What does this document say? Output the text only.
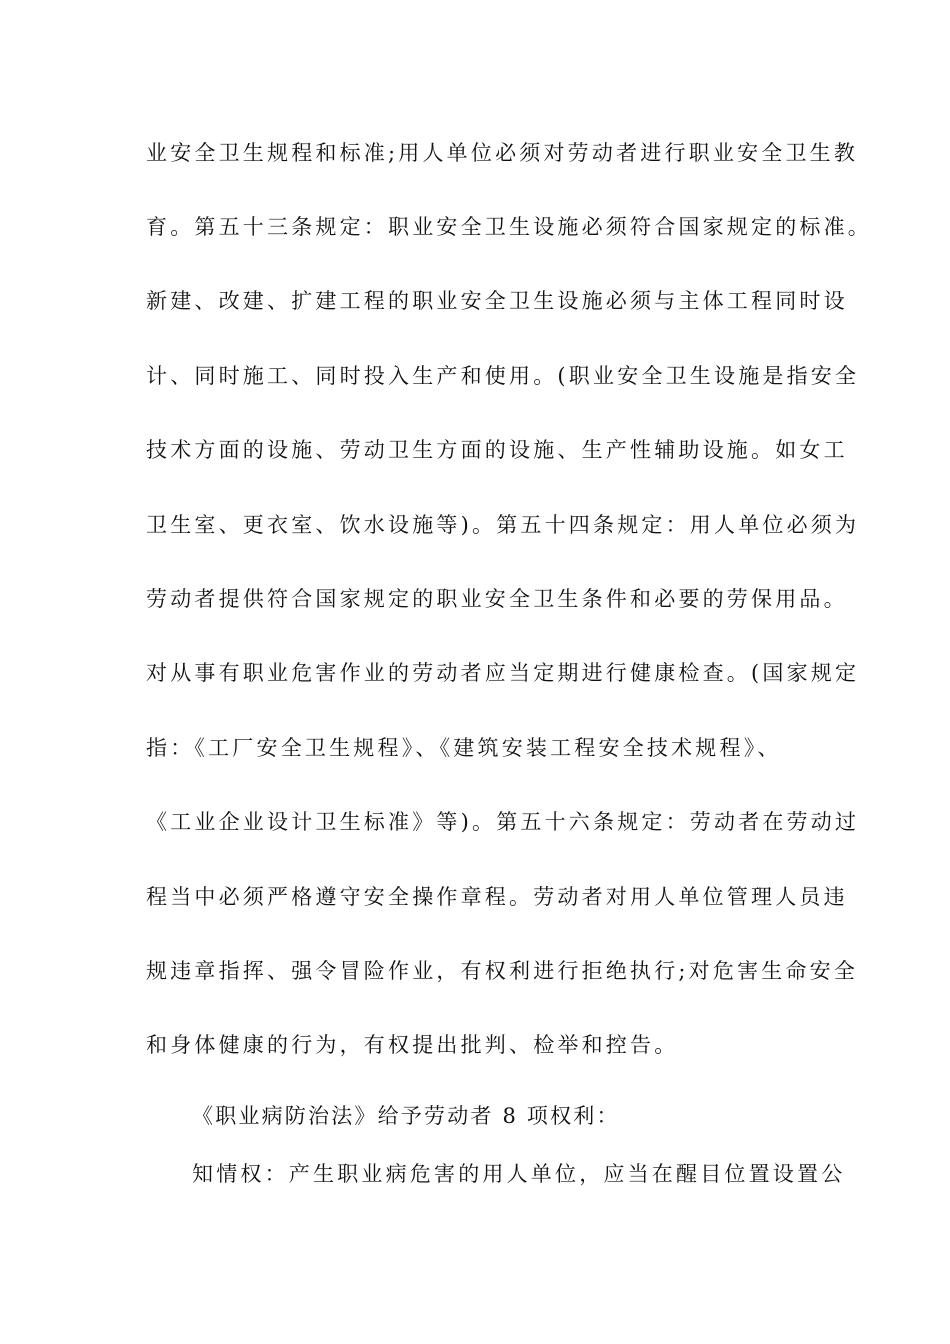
业安全卫生规程和标准;用人单位必须对劳动者进行职业安全卫生教
育。第五十三条规定：职业安全卫生设施必须符合国家规定的标准。
新建、改建、扩建工程的职业安全卫生设施必须与主体工程同时设
计、同时施工、同时投入生产和使用。(职业安全卫生设施是指安全
技术方面的设施、劳动卫生方面的设施、生产性辅助设施。如女工
卫生室、更衣室、饮水设施等)。第五十四条规定：用人单位必须为
劳动者提供符合国家规定的职业安全卫生条件和必要的劳保用品。
对从事有职业危害作业的劳动者应当定期进行健康检查。(国家规定
指：《工厂安全卫生规程》、《建筑安装工程安全技术规程》、
《工业企业设计卫生标准》等)。第五十六条规定：劳动者在劳动过
程当中必须严格遵守安全操作章程。劳动者对用人单位管理人员违
规违章指挥、强令冒险作业，有权利进行拒绝执行;对危害生命安全
和身体健康的行为，有权提出批判、检举和控告。
《职业病防治法》给予劳动者 8 项权利：
知情权：产生职业病危害的用人单位，应当在醒目位置设置公
